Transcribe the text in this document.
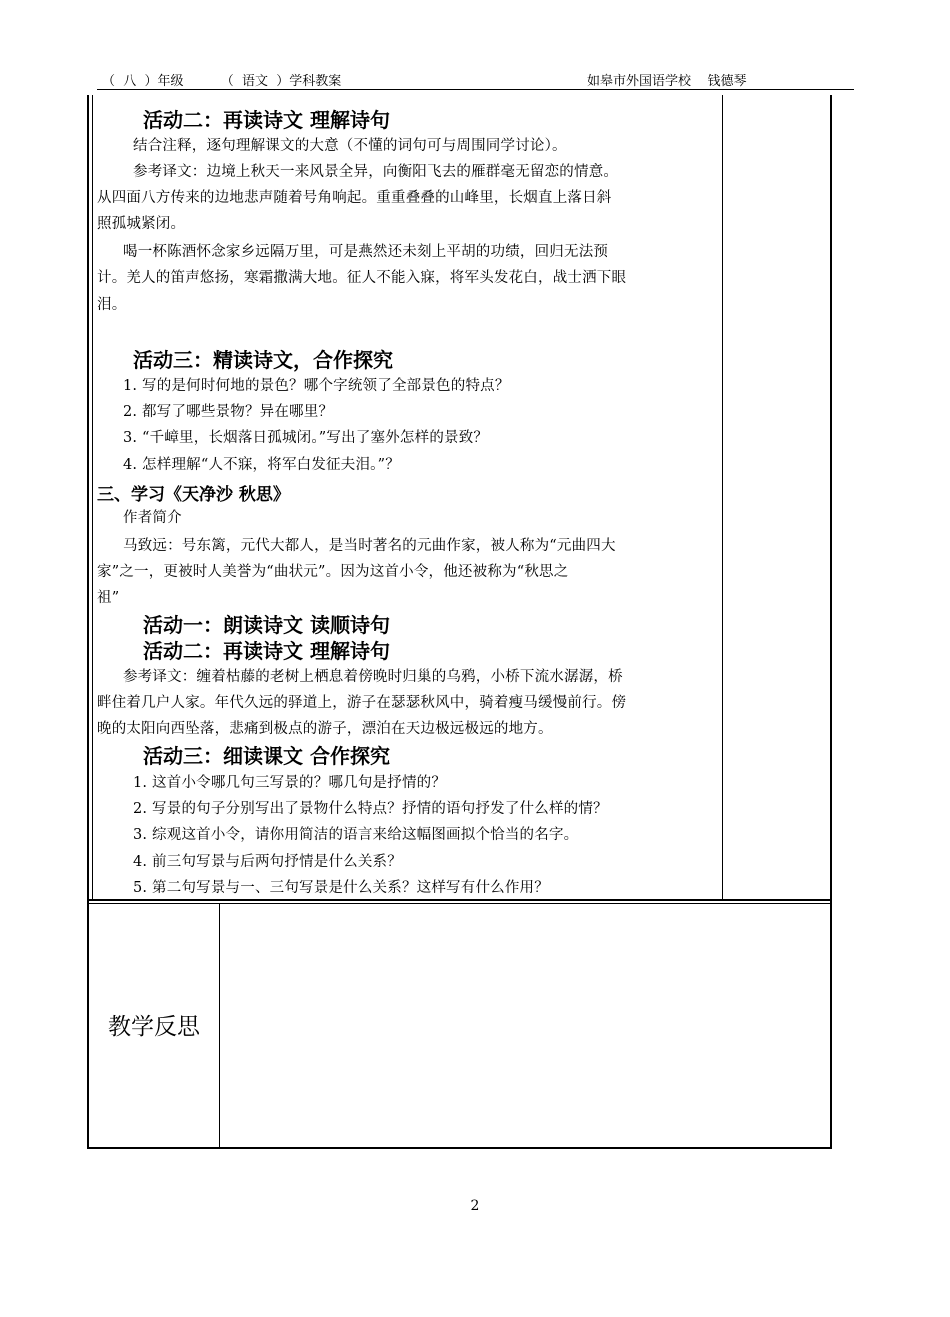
（  八  ）年级         （  语文  ）学科教案	如皋市外国语学校    钱德琴
活动二：再读诗文 理解诗句
结合注释，逐句理解课文的大意（不懂的词句可与周围同学讨论）。
参考译文：边境上秋天一来风景全异，向衡阳飞去的雁群毫无留恋的情意。
从四面八方传来的边地悲声随着号角响起。重重叠叠的山峰里，长烟直上落日斜
照孤城紧闭。
喝一杯陈酒怀念家乡远隔万里，可是燕然还未刻上平胡的功绩，回归无法预
计。羌人的笛声悠扬，寒霜撒满大地。征人不能入寐，将军头发花白，战士洒下眼
泪。
活动三：精读诗文，合作探究
1. 写的是何时何地的景色？哪个字统领了全部景色的特点？
2. 都写了哪些景物？异在哪里？
3. “千嶂里，长烟落日孤城闭。”写出了塞外怎样的景致？
4. 怎样理解“人不寐，将军白发征夫泪。”？
三、学习《天净沙 秋思》
作者简介
马致远：号东篱，元代大都人，是当时著名的元曲作家，被人称为“元曲四大
家”之一，更被时人美誉为“曲状元”。因为这首小令，他还被称为“秋思之
祖”
活动一：朗读诗文 读顺诗句
活动二：再读诗文 理解诗句
参考译文：缠着枯藤的老树上栖息着傍晚时归巢的乌鸦，小桥下流水潺潺，桥
畔住着几户人家。年代久远的驿道上，游子在瑟瑟秋风中，骑着瘦马缓慢前行。傍
晚的太阳向西坠落，悲痛到极点的游子，漂泊在天边极远极远的地方。
活动三：细读课文 合作探究
1. 这首小令哪几句三写景的？哪几句是抒情的？
2. 写景的句子分别写出了景物什么特点？抒情的语句抒发了什么样的情？
3. 综观这首小令，请你用简洁的语言来给这幅图画拟个恰当的名字。
4. 前三句写景与后两句抒情是什么关系？
5. 第二句写景与一、三句写景是什么关系？这样写有什么作用？
教学反思
2
